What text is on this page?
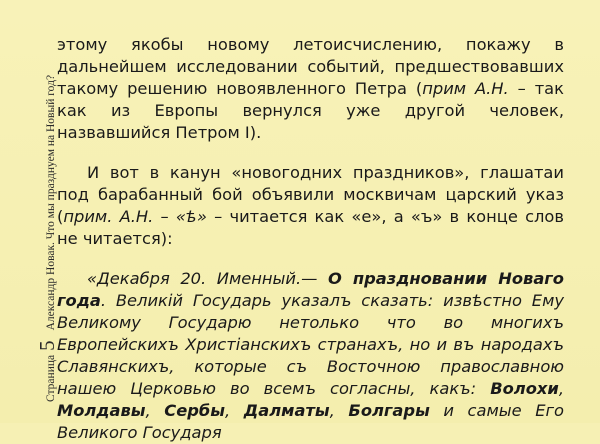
Страница
5
Александр Новак. Что мы празднуем на Новый год?

этому якобы новому летоисчислению, покажу в дальнейшем исследовании событий, предшествовавших такому решению новоявленного Петра (прим А.Н. – так как из Европы вернулся уже другой человек, назвавшийся Петром I).

И вот в канун «новогодних праздников», глашатаи под барабанный бой объявили москвичам царский указ (прим. А.Н. – «ѣ» – читается как «е», а «ъ» в конце слов не читается):

«Декабря 20. Именный.— О праздновании Новаго года. Великій Государь указалъ сказать: извѣстно Ему Великому Государю нетолько что во многихъ Европейскихъ Христіанскихъ странахъ, но и въ народахъ Славянскихъ, которые съ Восточною православною нашею Церковью во всемъ согласны, какъ: Волохи, Молдавы, Сербы, Далматы, Болгары и самые Его Великого Государя
